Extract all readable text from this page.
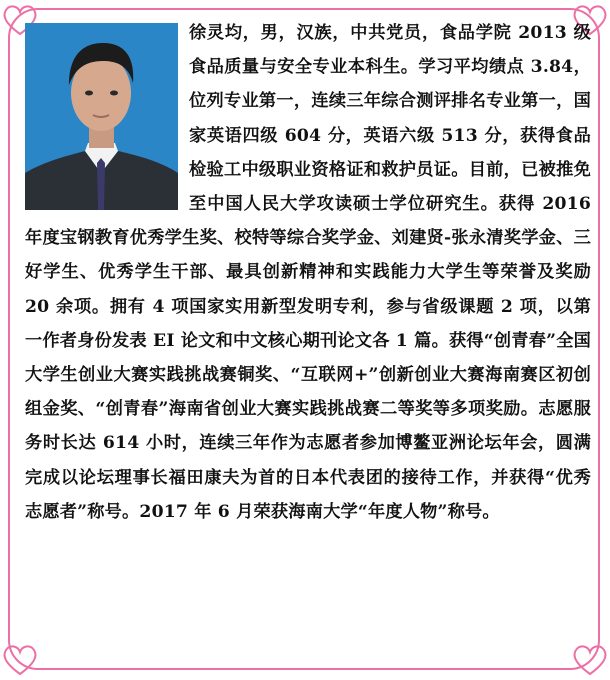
徐灵均，男，汉族，中共党员，食品学院 2013 级食品质量与安全专业本科生。学习平均绩点 3.84，位列专业第一，连续三年综合测评排名专业第一，国家英语四级 604 分，英语六级 513 分，获得食品检验工中级职业资格证和救护员证。目前，已被推免至中国人民大学攻读硕士学位研究生。获得 2016 年度宝钢教育优秀学生奖、校特等综合奖学金、刘建贤-张永清奖学金、三好学生、优秀学生干部、最具创新精神和实践能力大学生等荣誉及奖励 20 余项。拥有 4 项国家实用新型发明专利，参与省级课题 2 项，以第一作者身份发表 EI 论文和中文核心期刊论文各 1 篇。获得“创青春”全国大学生创业大赛实践挑战赛铜奖、“互联网+”创新创业大赛海南赛区初创组金奖、“创青春”海南省创业大赛实践挑战赛二等奖等多项奖励。志愿服务时长达 614 小时，连续三年作为志愿者参加博鳌亚洲论坛年会，圆满完成以论坛理事长福田康夫为首的日本代表团的接待工作，并获得“优秀志愿者”称号。2017 年 6 月荣获海南大学“年度人物”称号。
